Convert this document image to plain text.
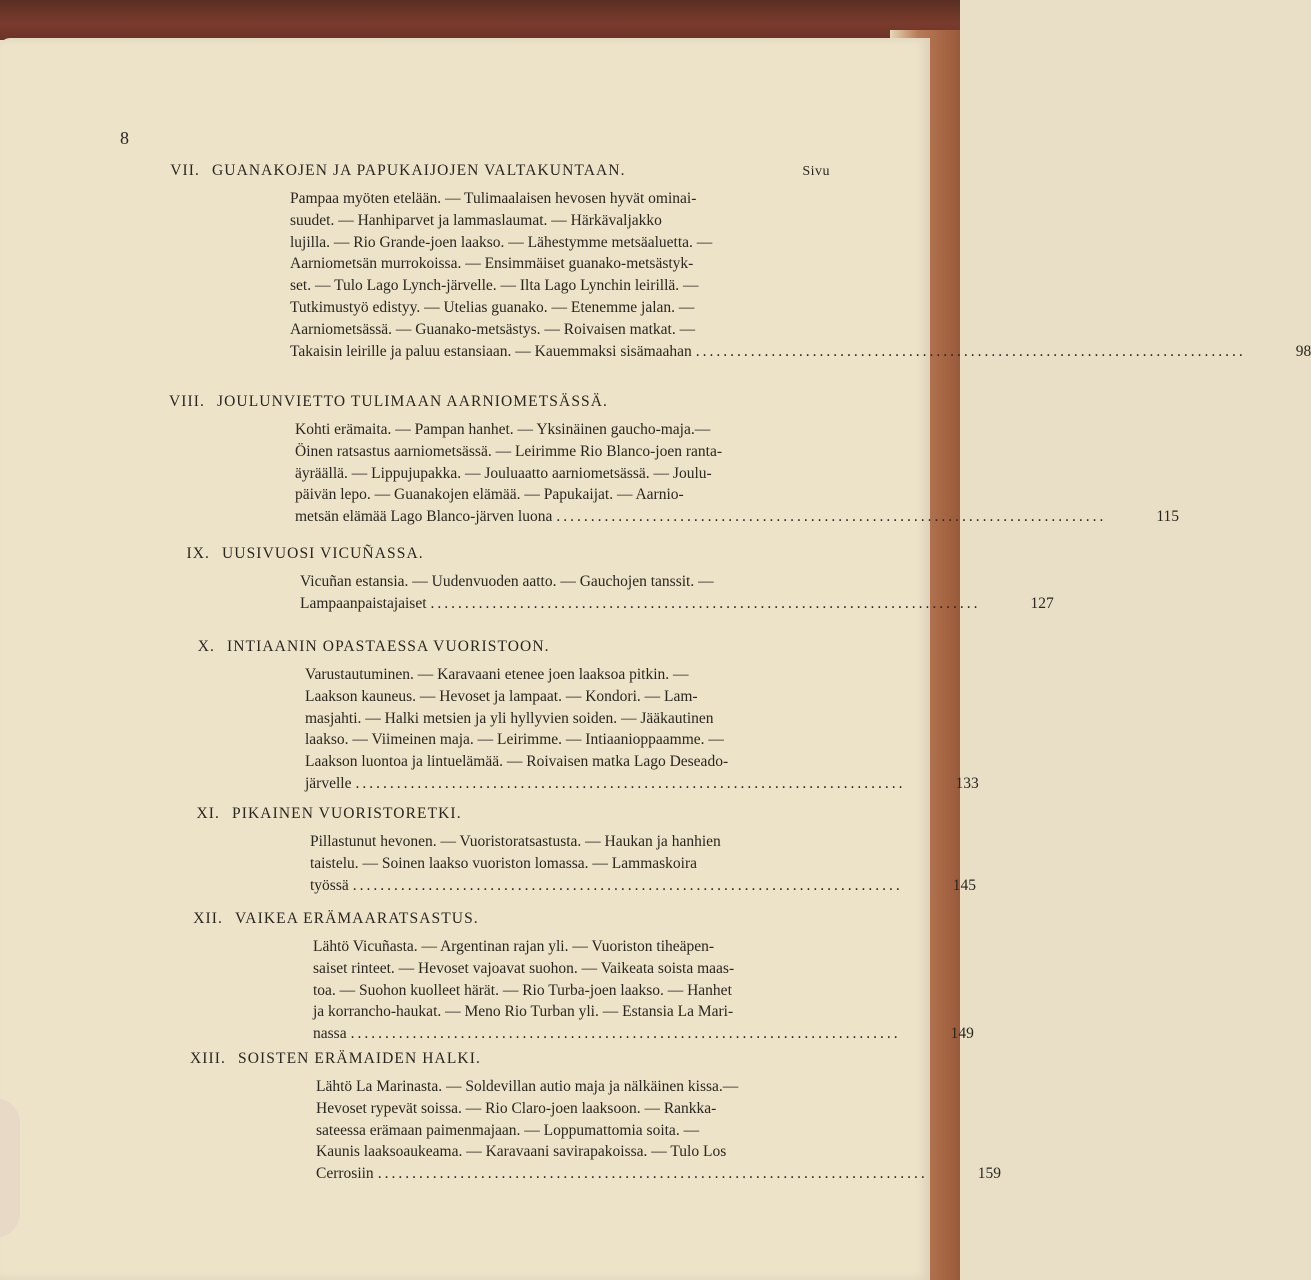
8
VII. GUANAKOJEN JA PAPUKAIJOJEN VALTAKUNTAAN.	Sivu
Pampaa myöten etelään. — Tulimaalaisen hevosen hyvät ominai-
suudet. — Hanhiparvet ja lammaslaumat. — Härkävaljakko
lujilla. — Rio Grande-joen laakso. — Lähestymme metsäaluetta. —
Aarniometsän murrokoissa. — Ensimmäiset guanako-metsästyk-
set. — Tulo Lago Lynch-järvelle. — Ilta Lago Lynchin leirillä. —
Tutkimustyö edistyy. — Utelias guanako. — Etenemme jalan. —
Aarniometsässä. — Guanako-metsästys. — Roivaisen matkat. —
Takaisin leirille ja paluu estansiaan. — Kauemmaksi sisämaahan ................................................................................	98
VIII. JOULUNVIETTO TULIMAAN AARNIOMETSÄSSÄ.
Kohti erämaita. — Pampan hanhet. — Yksinäinen gaucho-maja.—
Öinen ratsastus aarniometsässä. — Leirimme Rio Blanco-joen ranta-
äyräällä. — Lippujupakka. — Jouluaatto aarniometsässä. — Joulu-
päivän lepo. — Guanakojen elämää. — Papukaijat. — Aarnio-
metsän elämää Lago Blanco-järven luona ................................................................................	115
IX. UUSIVUOSI VICUÑASSA.
Vicuñan estansia. — Uudenvuoden aatto. — Gauchojen tanssit. —
Lampaanpaistajaiset ................................................................................	127
X. INTIAANIN OPASTAESSA VUORISTOON.
Varustautuminen. — Karavaani etenee joen laaksoa pitkin. —
Laakson kauneus. — Hevoset ja lampaat. — Kondori. — Lam-
masjahti. — Halki metsien ja yli hyllyvien soiden. — Jääkautinen
laakso. — Viimeinen maja. — Leirimme. — Intiaanioppaamme. —
Laakson luontoa ja lintuelämää. — Roivaisen matka Lago Deseado-
järvelle ................................................................................	133
XI. PIKAINEN VUORISTORETKI.
Pillastunut hevonen. — Vuoristoratsastusta. — Haukan ja hanhien
taistelu. — Soinen laakso vuoriston lomassa. — Lammaskoira
työssä ................................................................................	145
XII. VAIKEA ERÄMAARATSASTUS.
Lähtö Vicuñasta. — Argentinan rajan yli. — Vuoriston tiheäpen-
saiset rinteet. — Hevoset vajoavat suohon. — Vaikeata soista maas-
toa. — Suohon kuolleet härät. — Rio Turba-joen laakso. — Hanhet
ja korrancho-haukat. — Meno Rio Turban yli. — Estansia La Mari-
nassa ................................................................................	149
XIII. SOISTEN ERÄMAIDEN HALKI.
Lähtö La Marinasta. — Soldevillan autio maja ja nälkäinen kissa.—
Hevoset rypevät soissa. — Rio Claro-joen laaksoon. — Rankka-
sateessa erämaan paimenmajaan. — Loppumattomia soita. —
Kaunis laaksoaukeama. — Karavaani savirapakoissa. — Tulo Los
Cerrosiin ................................................................................	159
